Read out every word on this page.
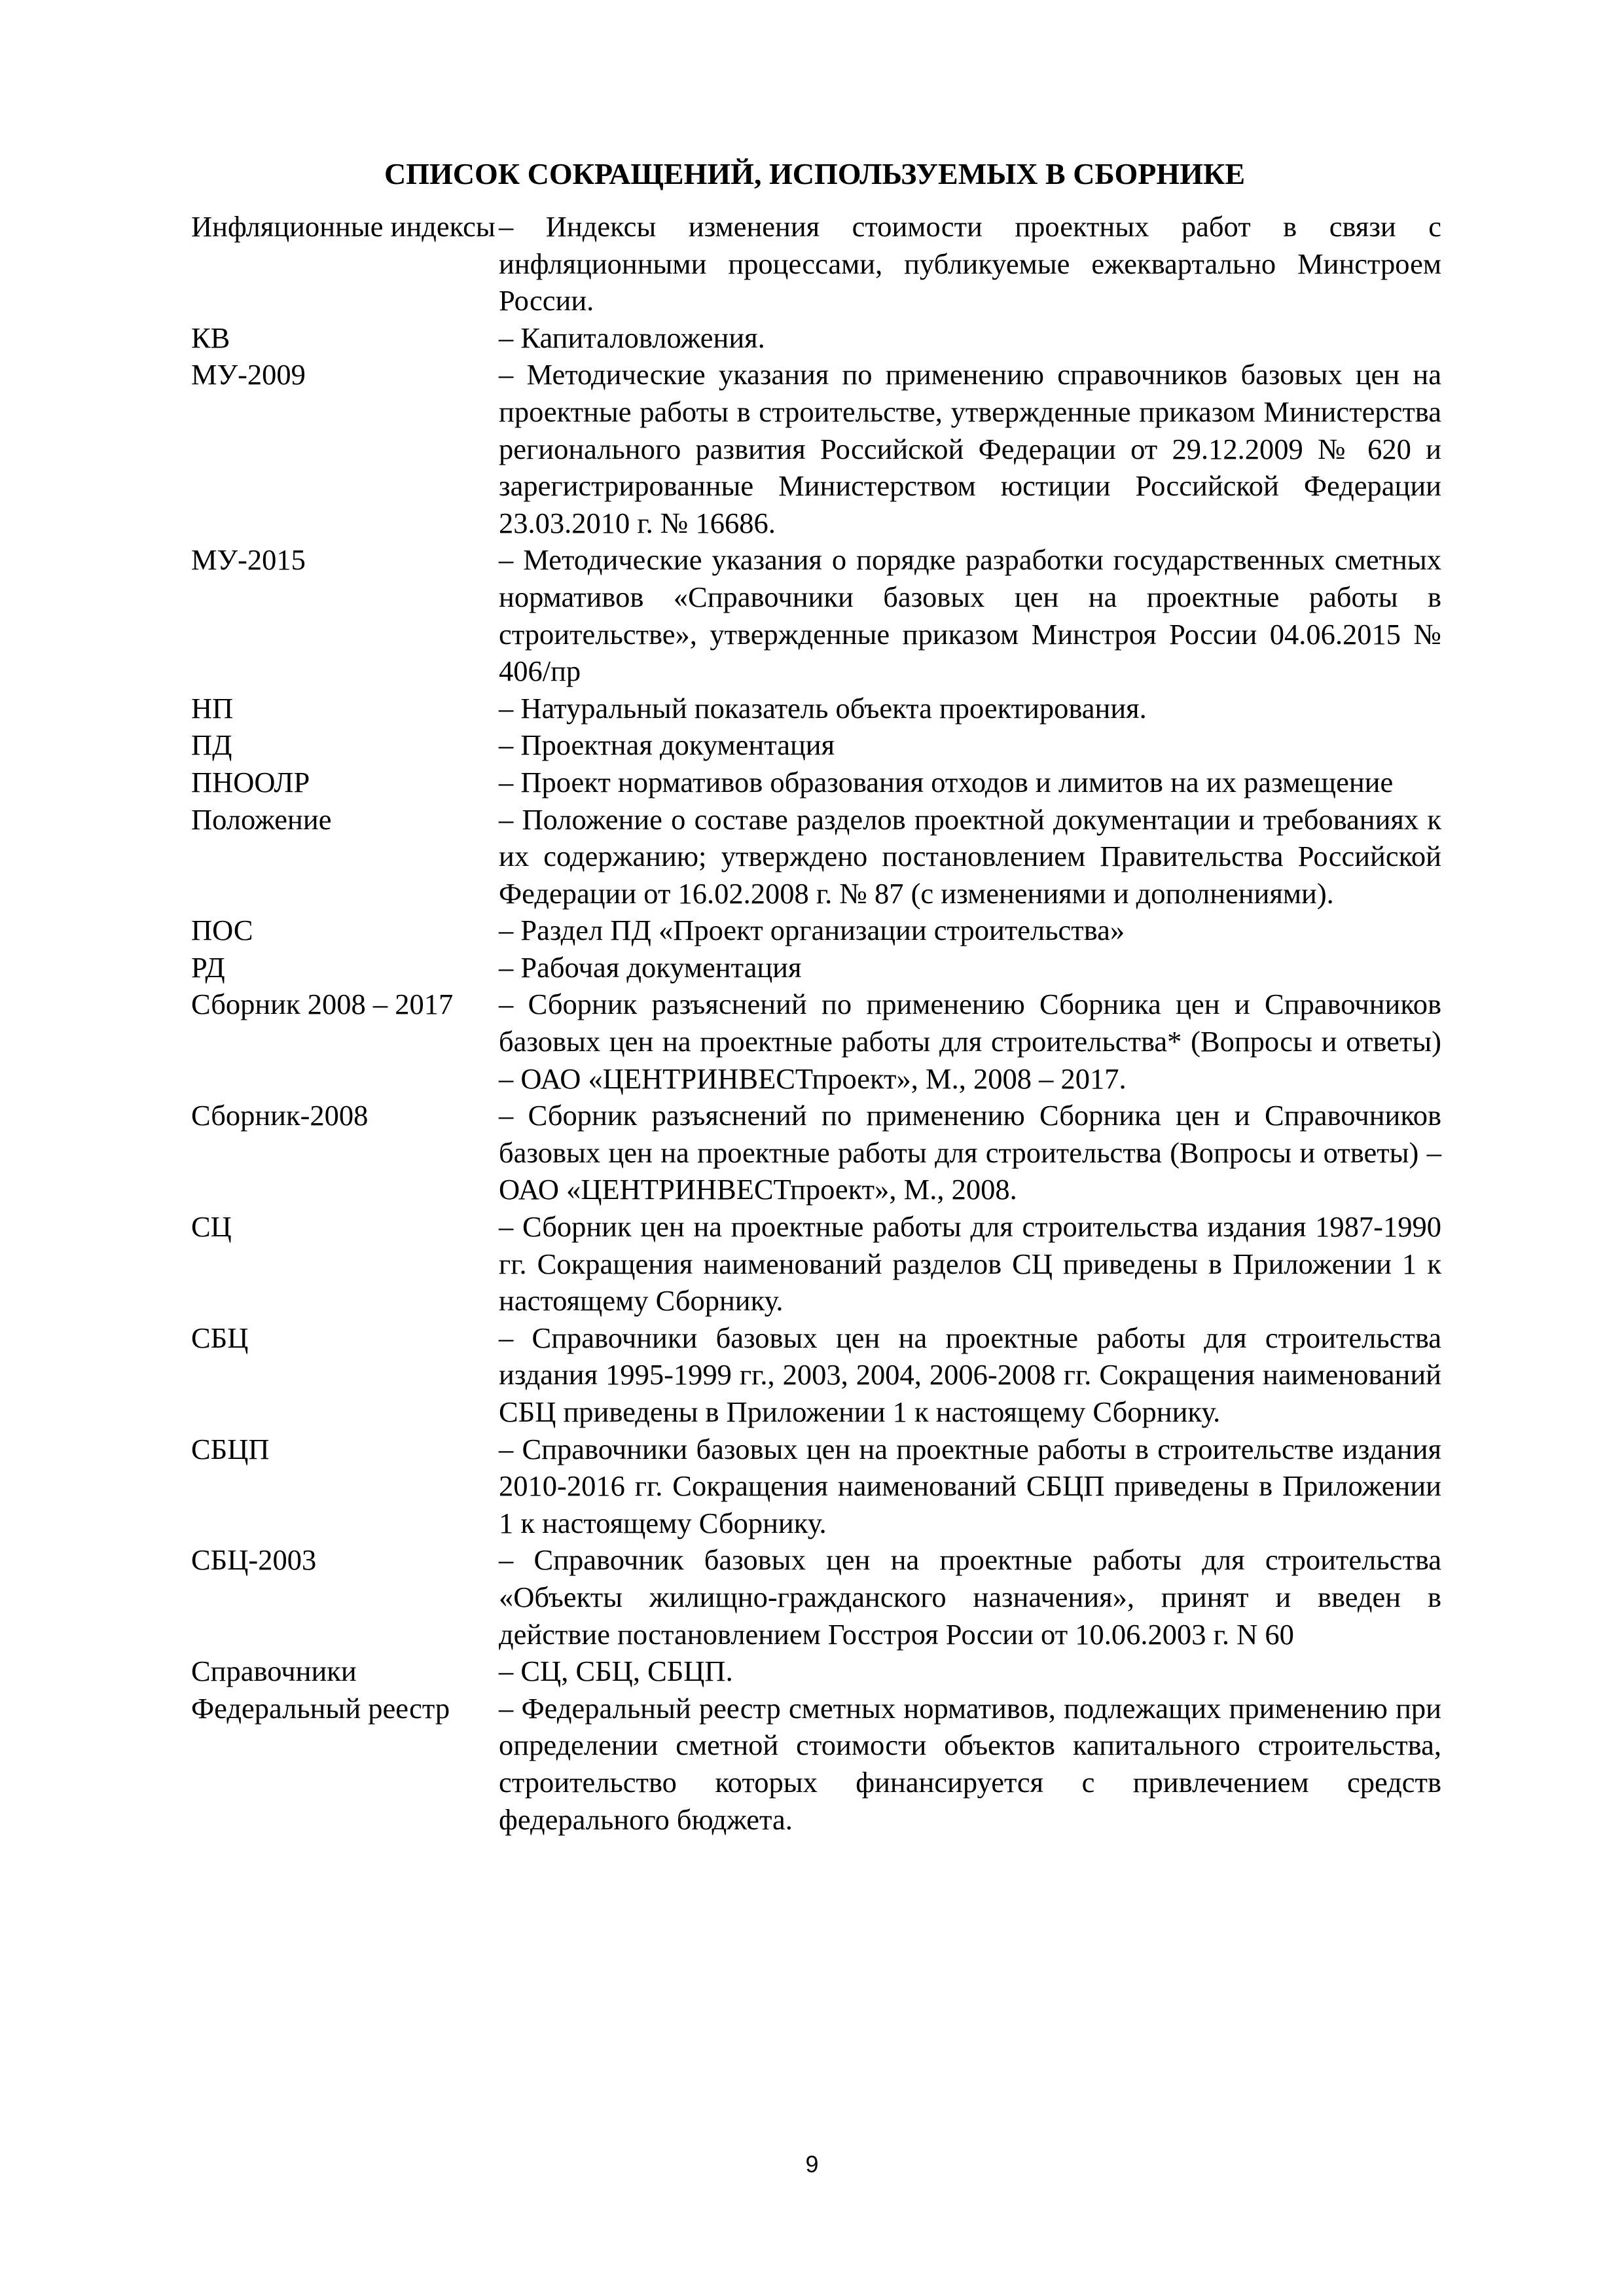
СПИСОК СОКРАЩЕНИЙ, ИСПОЛЬЗУЕМЫХ В СБОРНИКЕ
Инфляционные индексы – Индексы изменения стоимости проектных работ в связи с инфляционными процессами, публикуемые ежеквартально Минстроем России.
КВ	– Капиталовложения.
МУ-2009	– Методические указания по применению справочников базовых цен на проектные работы в строительстве, утвержденные приказом Министерства регионального развития Российской Федерации от 29.12.2009 № 620 и зарегистрированные Министерством юстиции Российской Федерации 23.03.2010 г. № 16686.
МУ-2015	– Методические указания о порядке разработки государственных сметных нормативов «Справочники базовых цен на проектные работы в строительстве», утвержденные приказом Минстроя России 04.06.2015 № 406/пр
НП	– Натуральный показатель объекта проектирования.
ПД	– Проектная документация
ПНООЛР	– Проект нормативов образования отходов и лимитов на их размещение
Положение	– Положение о составе разделов проектной документации и требованиях к их содержанию; утверждено постановлением Правительства Российской Федерации от 16.02.2008 г. № 87 (с изменениями и дополнениями).
ПОС	– Раздел ПД «Проект организации строительства»
РД	– Рабочая документация
Сборник 2008 – 2017	– Сборник разъяснений по применению Сборника цен и Справочников базовых цен на проектные работы для строительства* (Вопросы и ответы) – ОАО «ЦЕНТРИНВЕСТпроект», М., 2008 – 2017.
Сборник-2008	– Сборник разъяснений по применению Сборника цен и Справочников базовых цен на проектные работы для строительства (Вопросы и ответы) – ОАО «ЦЕНТРИНВЕСТпроект», М., 2008.
СЦ	– Сборник цен на проектные работы для строительства издания 1987-1990 гг. Сокращения наименований разделов СЦ приведены в Приложении 1 к настоящему Сборнику.
СБЦ	– Справочники базовых цен на проектные работы для строительства издания 1995-1999 гг., 2003, 2004, 2006-2008 гг. Сокращения наименований СБЦ приведены в Приложении 1 к настоящему Сборнику.
СБЦП	– Справочники базовых цен на проектные работы в строительстве издания 2010-2016 гг. Сокращения наименований СБЦП приведены в Приложении 1 к настоящему Сборнику.
СБЦ-2003	– Справочник базовых цен на проектные работы для строительства «Объекты жилищно-гражданского назначения», принят и введен в действие постановлением Госстроя России от 10.06.2003 г. N 60
Справочники	– СЦ, СБЦ, СБЦП.
Федеральный реестр	– Федеральный реестр сметных нормативов, подлежащих применению при определении сметной стоимости объектов капитального строительства, строительство которых финансируется с привлечением средств федерального бюджета.
9
